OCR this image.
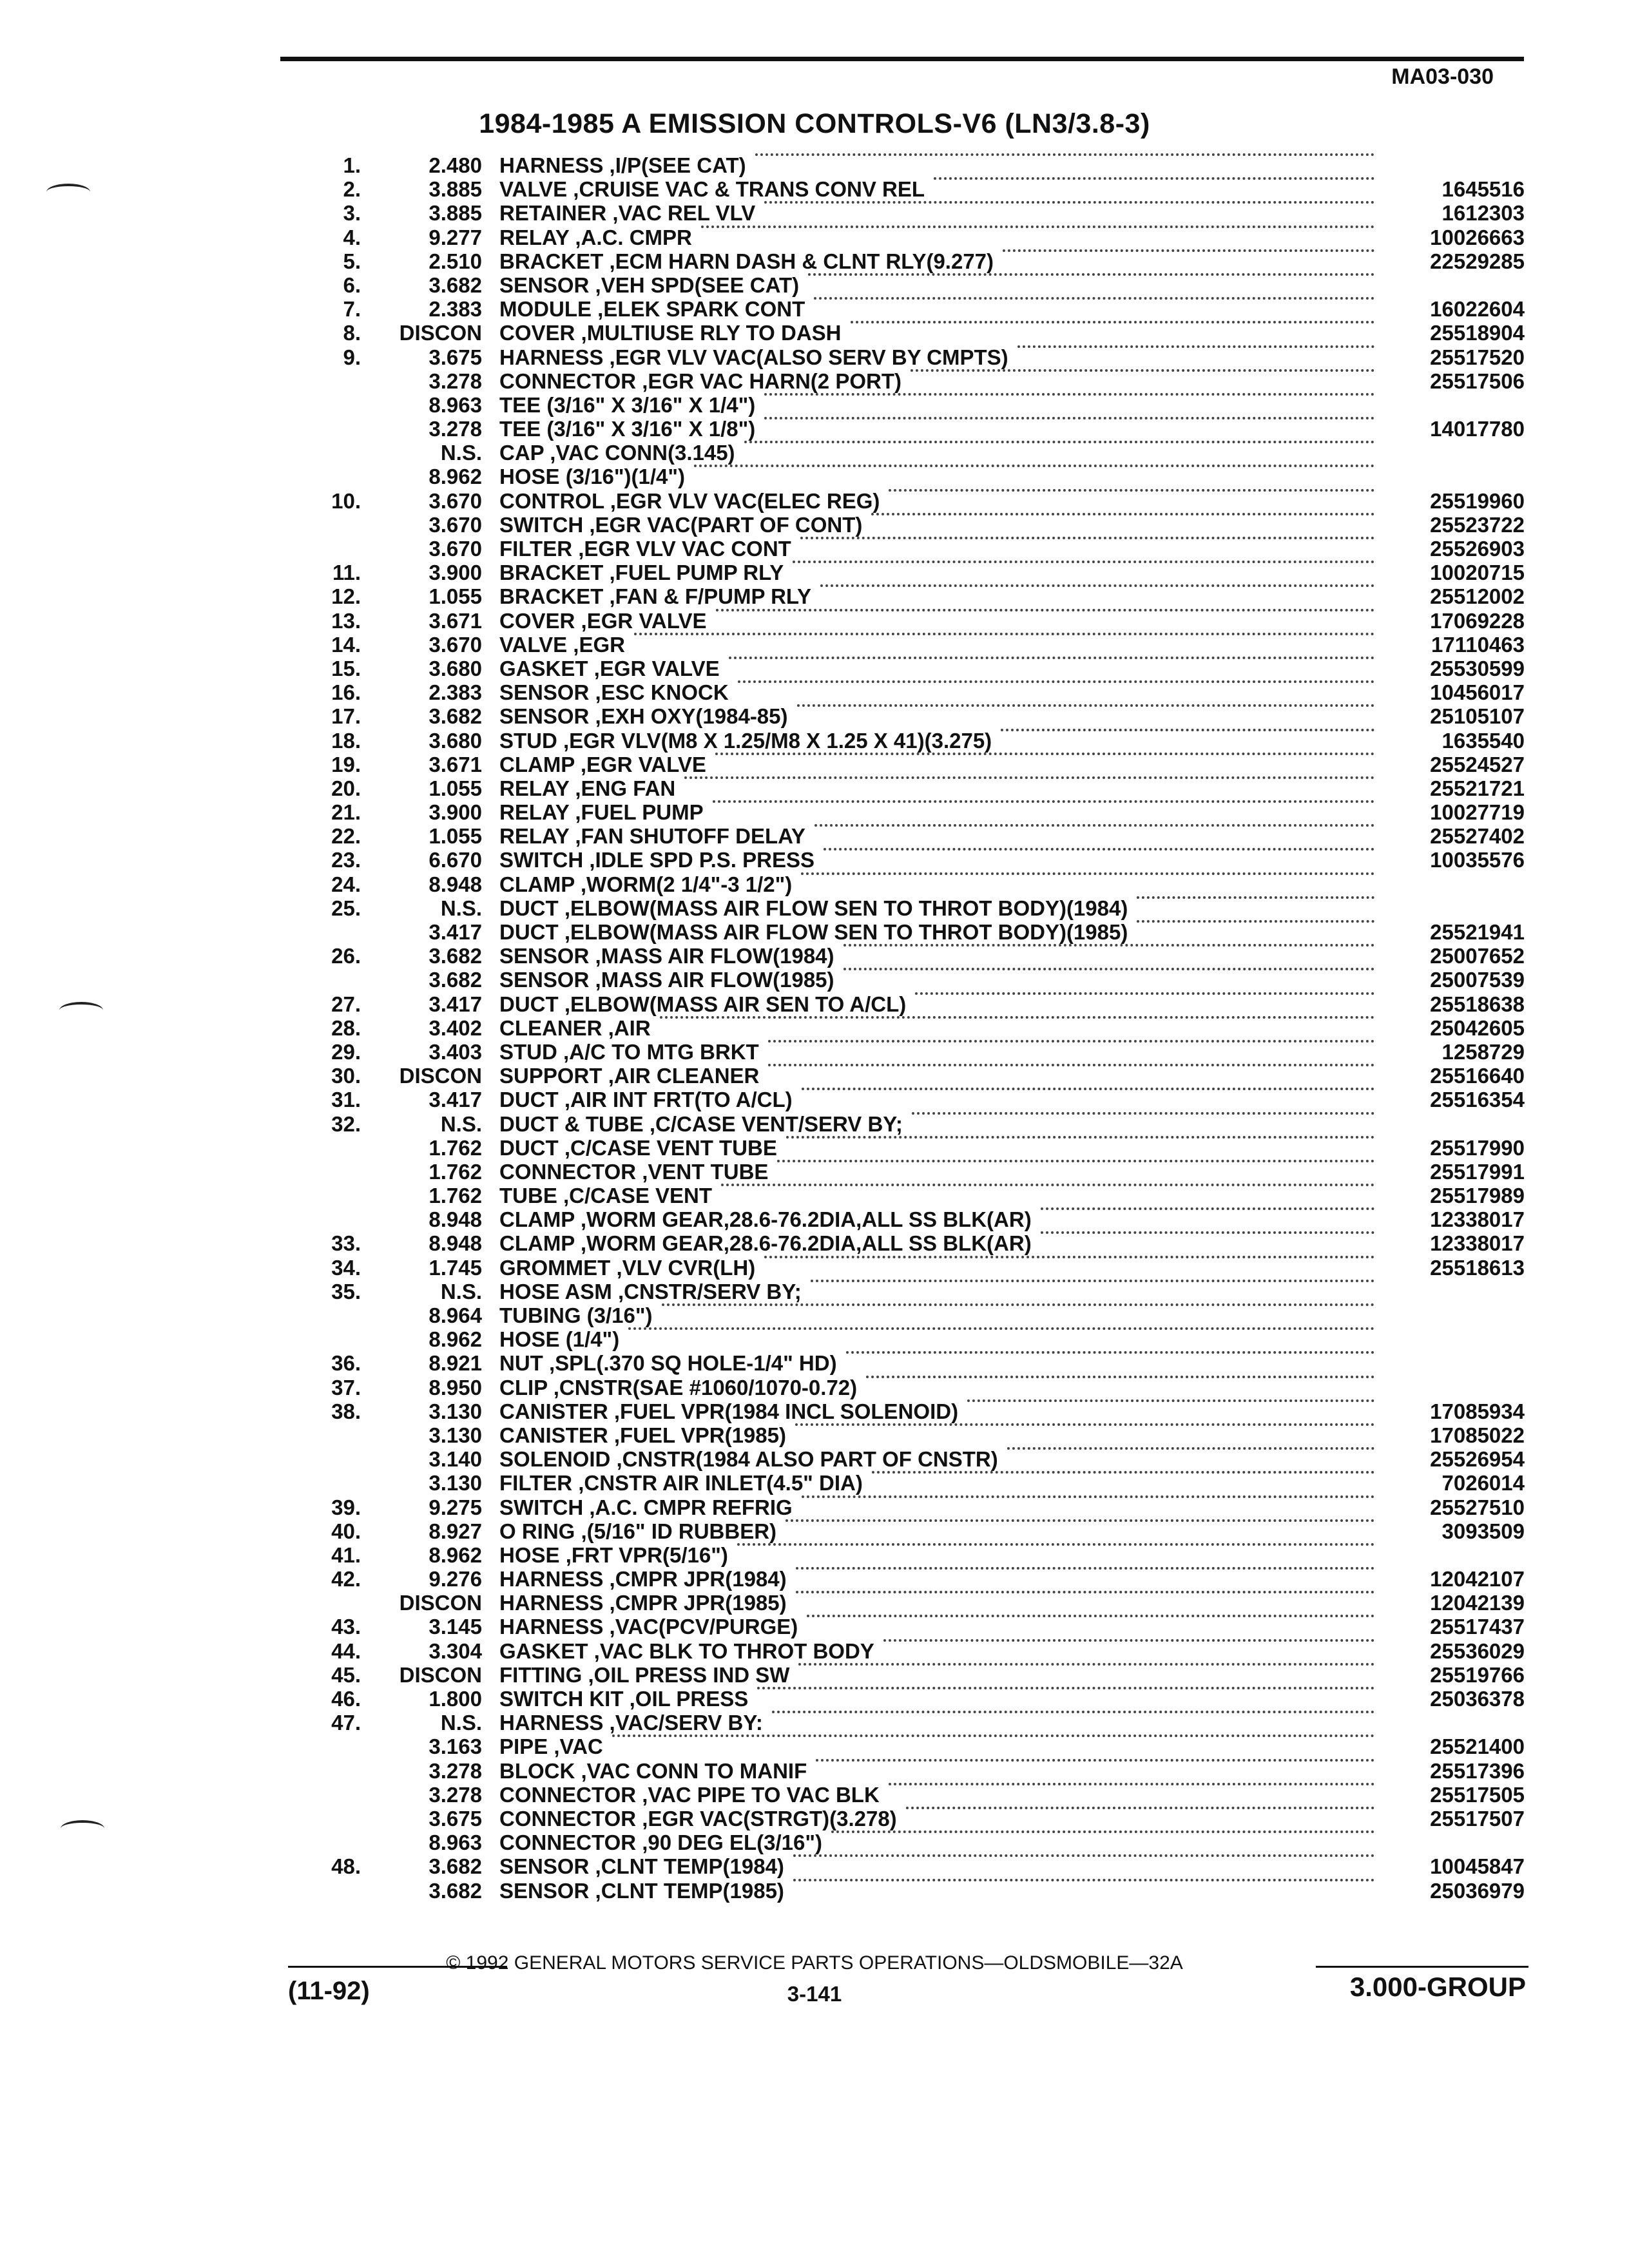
MA03-030
1984-1985 A EMISSION CONTROLS-V6 (LN3/3.8-3)
1.	2.480 HARNESS ,I/P(SEE CAT)
2.	3.885 VALVE ,CRUISE VAC & TRANS CONV REL	1645516
3.	3.885 RETAINER ,VAC REL VLV	1612303
4.	9.277 RELAY ,A.C. CMPR	10026663
5.	2.510 BRACKET ,ECM HARN DASH & CLNT RLY(9.277)	22529285
6.	3.682 SENSOR ,VEH SPD(SEE CAT)
7.	2.383 MODULE ,ELEK SPARK CONT	16022604
8.	DISCON COVER ,MULTIUSE RLY TO DASH	25518904
9.	3.675 HARNESS ,EGR VLV VAC(ALSO SERV BY CMPTS)	25517520
3.278 CONNECTOR ,EGR VAC HARN(2 PORT)	25517506
8.963 TEE (3/16" X 3/16" X 1/4")
3.278 TEE (3/16" X 3/16" X 1/8")	14017780
N.S. CAP ,VAC CONN(3.145)
8.962 HOSE (3/16")(1/4")
10.	3.670 CONTROL ,EGR VLV VAC(ELEC REG)	25519960
3.670 SWITCH ,EGR VAC(PART OF CONT)	25523722
3.670 FILTER ,EGR VLV VAC CONT	25526903
11.	3.900 BRACKET ,FUEL PUMP RLY	10020715
12.	1.055 BRACKET ,FAN & F/PUMP RLY	25512002
13.	3.671 COVER ,EGR VALVE	17069228
14.	3.670 VALVE ,EGR	17110463
15.	3.680 GASKET ,EGR VALVE	25530599
16.	2.383 SENSOR ,ESC KNOCK	10456017
17.	3.682 SENSOR ,EXH OXY(1984-85)	25105107
18.	3.680 STUD ,EGR VLV(M8 X 1.25/M8 X 1.25 X 41)(3.275)	1635540
19.	3.671 CLAMP ,EGR VALVE	25524527
20.	1.055 RELAY ,ENG FAN	25521721
21.	3.900 RELAY ,FUEL PUMP	10027719
22.	1.055 RELAY ,FAN SHUTOFF DELAY	25527402
23.	6.670 SWITCH ,IDLE SPD P.S. PRESS	10035576
24.	8.948 CLAMP ,WORM(2 1/4"-3 1/2")
25.	N.S. DUCT ,ELBOW(MASS AIR FLOW SEN TO THROT BODY)(1984)
3.417 DUCT ,ELBOW(MASS AIR FLOW SEN TO THROT BODY)(1985)	25521941
26.	3.682 SENSOR ,MASS AIR FLOW(1984)	25007652
3.682 SENSOR ,MASS AIR FLOW(1985)	25007539
27.	3.417 DUCT ,ELBOW(MASS AIR SEN TO A/CL)	25518638
28.	3.402 CLEANER ,AIR	25042605
29.	3.403 STUD ,A/C TO MTG BRKT	1258729
30.	DISCON SUPPORT ,AIR CLEANER	25516640
31.	3.417 DUCT ,AIR INT FRT(TO A/CL)	25516354
32.	N.S. DUCT & TUBE ,C/CASE VENT/SERV BY;
1.762 DUCT ,C/CASE VENT TUBE	25517990
1.762 CONNECTOR ,VENT TUBE	25517991
1.762 TUBE ,C/CASE VENT	25517989
8.948 CLAMP ,WORM GEAR,28.6-76.2DIA,ALL SS BLK(AR)	12338017
33.	8.948 CLAMP ,WORM GEAR,28.6-76.2DIA,ALL SS BLK(AR)	12338017
34.	1.745 GROMMET ,VLV CVR(LH)	25518613
35.	N.S. HOSE ASM ,CNSTR/SERV BY;
8.964 TUBING (3/16")
8.962 HOSE (1/4")
36.	8.921 NUT ,SPL(.370 SQ HOLE-1/4" HD)
37.	8.950 CLIP ,CNSTR(SAE #1060/1070-0.72)
38.	3.130 CANISTER ,FUEL VPR(1984 INCL SOLENOID)	17085934
3.130 CANISTER ,FUEL VPR(1985)	17085022
3.140 SOLENOID ,CNSTR(1984 ALSO PART OF CNSTR)	25526954
3.130 FILTER ,CNSTR AIR INLET(4.5" DIA)	7026014
39.	9.275 SWITCH ,A.C. CMPR REFRIG	25527510
40.	8.927 O RING ,(5/16" ID RUBBER)	3093509
41.	8.962 HOSE ,FRT VPR(5/16")
42.	9.276 HARNESS ,CMPR JPR(1984)	12042107
DISCON HARNESS ,CMPR JPR(1985)	12042139
43.	3.145 HARNESS ,VAC(PCV/PURGE)	25517437
44.	3.304 GASKET ,VAC BLK TO THROT BODY	25536029
45.	DISCON FITTING ,OIL PRESS IND SW	25519766
46.	1.800 SWITCH KIT ,OIL PRESS	25036378
47.	N.S. HARNESS ,VAC/SERV BY:
3.163 PIPE ,VAC	25521400
3.278 BLOCK ,VAC CONN TO MANIF	25517396
3.278 CONNECTOR ,VAC PIPE TO VAC BLK	25517505
3.675 CONNECTOR ,EGR VAC(STRGT)(3.278)	25517507
8.963 CONNECTOR ,90 DEG EL(3/16")
48.	3.682 SENSOR ,CLNT TEMP(1984)	10045847
3.682 SENSOR ,CLNT TEMP(1985)	25036979
© 1992 GENERAL MOTORS SERVICE PARTS OPERATIONS—OLDSMOBILE—32A
(11-92)	3-141	3.000-GROUP
